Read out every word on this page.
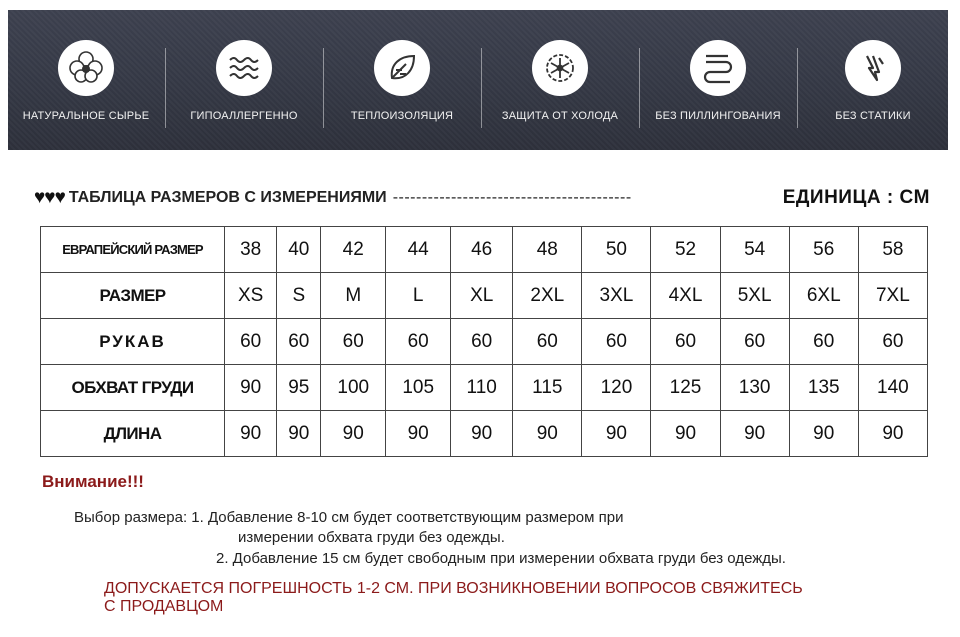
НАТУРАЛЬНОЕ СЫРЬЕ	ГИПОАЛЛЕРГЕННО	ТЕПЛОИЗОЛЯЦИЯ	ЗАЩИТА ОТ ХОЛОДА	БЕЗ ПИЛЛИНГОВАНИЯ	БЕЗ СТАТИКИ
♥♥♥ ТАБЛИЦА РАЗМЕРОВ С ИЗМЕРЕНИЯМИ -----------------------------------------	ЕДИНИЦА : CM
ЕВРАПЕЙСКИЙ РАЗМЕР	38	40	42	44	46	48	50	52	54	56	58
РАЗМЕР	XS	S	M	L	XL	2XL	3XL	4XL	5XL	6XL	7XL
РУКАВ	60	60	60	60	60	60	60	60	60	60	60
ОБХВАТ ГРУДИ	90	95	100	105	110	115	120	125	130	135	140
ДЛИНА	90	90	90	90	90	90	90	90	90	90	90
Внимание!!!
Выбор размера: 1. Добавление 8-10 см будет соответствующим размером при
измерении обхвата груди без одежды.
2. Добавление 15 см будет свободным при измерении обхвата груди без одежды.
ДОПУСКАЕТСЯ ПОГРЕШНОСТЬ 1-2 СМ. ПРИ ВОЗНИКНОВЕНИИ ВОПРОСОВ СВЯЖИТЕСЬ
С ПРОДАВЦОМ
